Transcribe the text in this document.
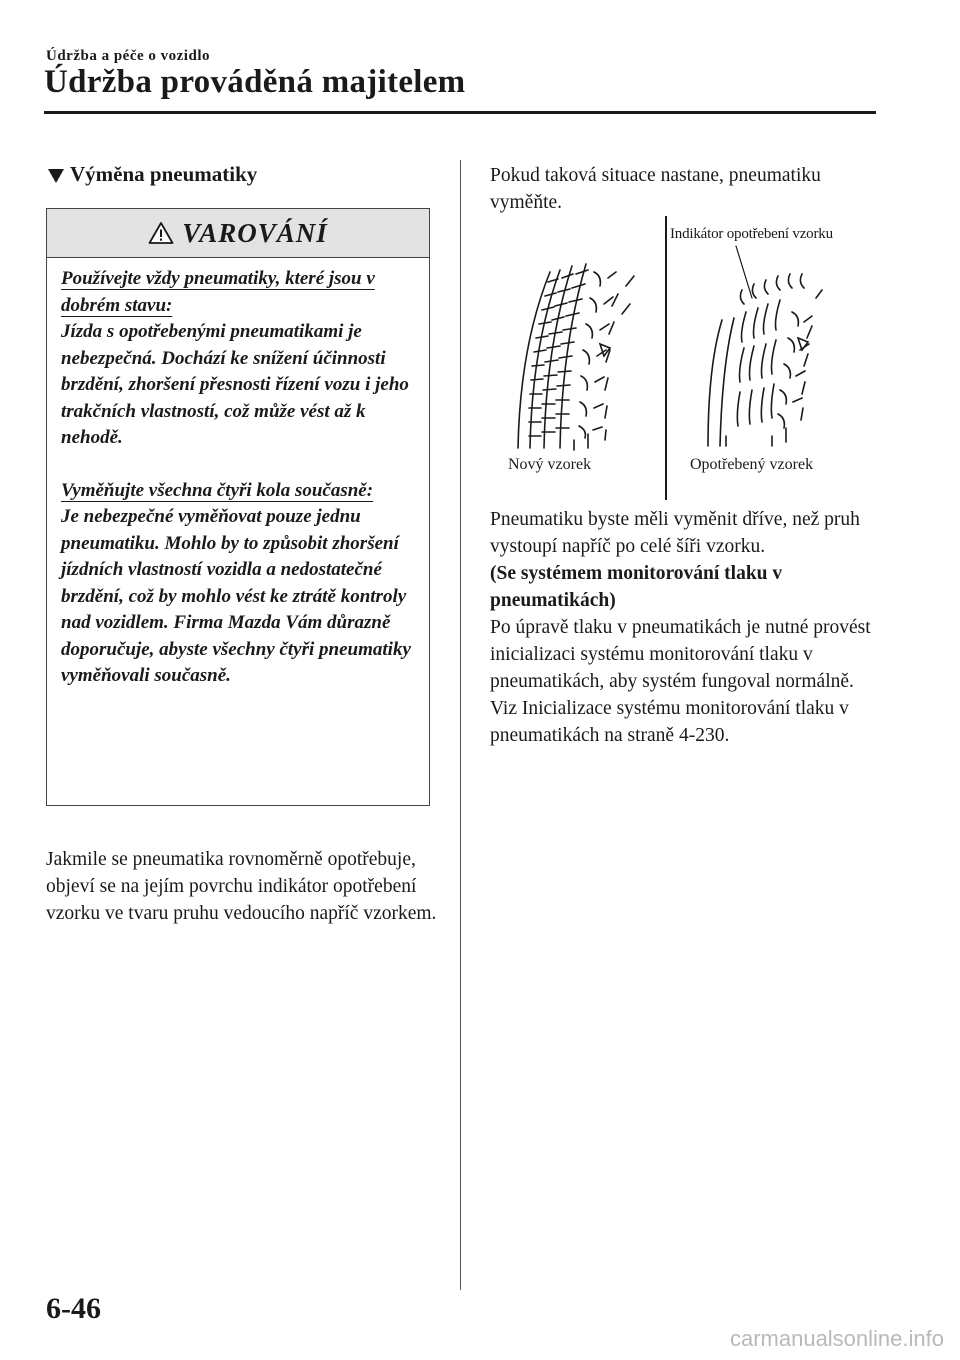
Údržba a péče o vozidlo
Údržba prováděná majitelem
Výměna pneumatiky
VAROVÁNÍ

Používejte vždy pneumatiky, které jsou v dobrém stavu:

Jízda s opotřebenými pneumatikami je nebezpečná. Dochází ke snížení účinnosti brzdění, zhoršení přesnosti řízení vozu i jeho trakčních vlastností, což může vést až k nehodě.

Vyměňujte všechna čtyři kola současně:

Je nebezpečné vyměňovat pouze jednu pneumatiku. Mohlo by to způsobit zhoršení jízdních vlastností vozidla a nedostatečné brzdění, což by mohlo vést ke ztrátě kontroly nad vozidlem. Firma Mazda Vám důrazně doporučuje, abyste všechny čtyři pneumatiky vyměňovali současně.

Jakmile se pneumatika rovnoměrně opotřebuje, objeví se na jejím povrchu indikátor opotřebení vzorku ve tvaru pruhu vedoucího napříč vzorkem.

Pokud taková situace nastane, pneumatiku vyměňte.

Indikátor opotřebení vzorku
Nový vzorek	Opotřebený vzorek

Pneumatiku byste měli vyměnit dříve, než pruh vystoupí napříč po celé šíři vzorku.

(Se systémem monitorování tlaku v pneumatikách)

Po úpravě tlaku v pneumatikách je nutné provést inicializaci systému monitorování tlaku v pneumatikách, aby systém fungoval normálně.

Viz Inicializace systému monitorování tlaku v pneumatikách na straně 4-230.

6-46
carmanualsonline.info
